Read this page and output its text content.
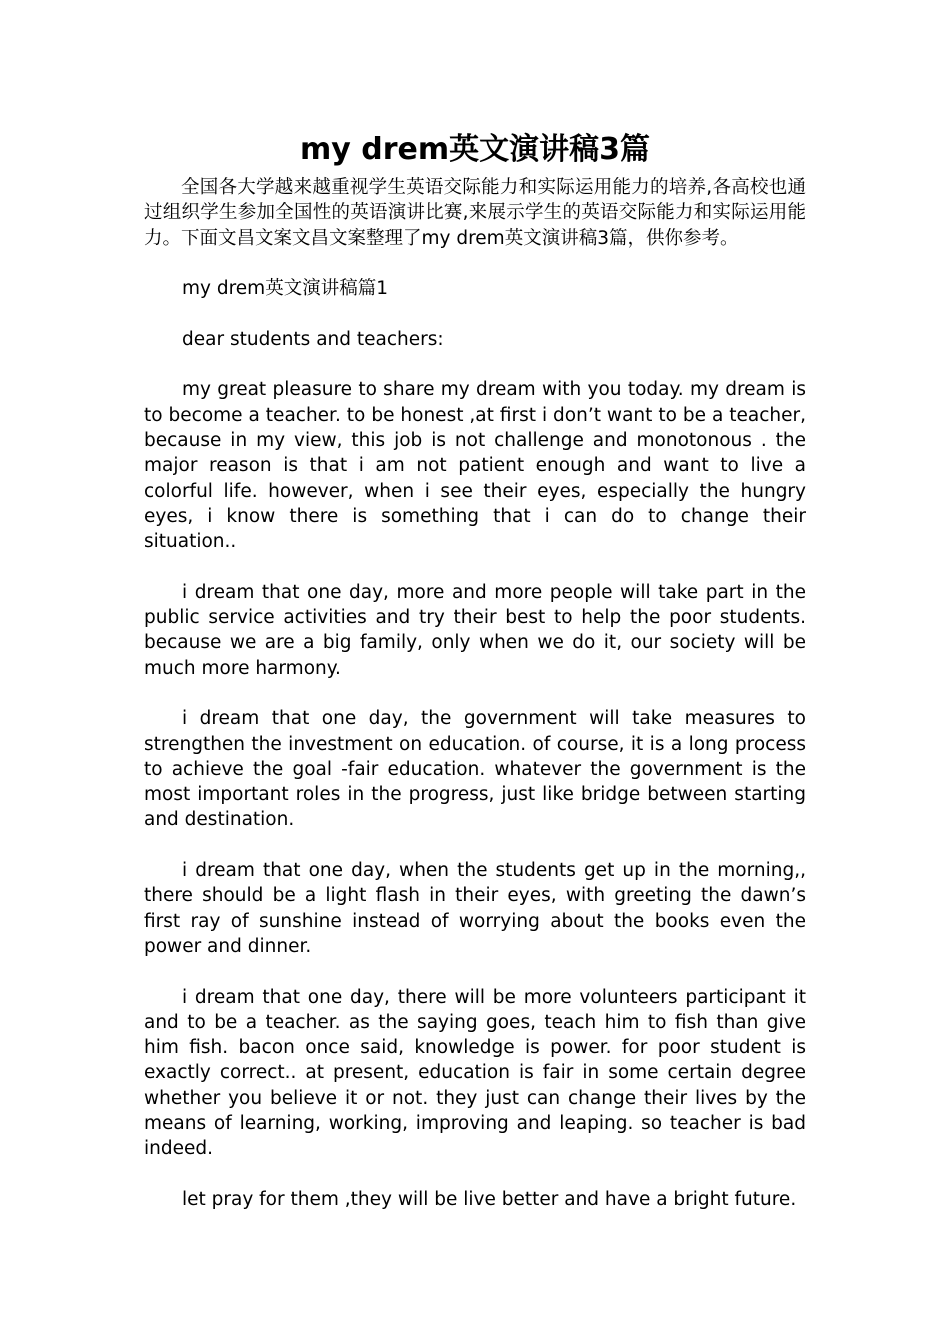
my drem英文演讲稿3篇

全国各大学越来越重视学生英语交际能力和实际运用能力的培养,各高校也通过组织学生参加全国性的英语演讲比赛,来展示学生的英语交际能力和实际运用能力。下面文昌文案文昌文案整理了my drem英文演讲稿3篇，供你参考。

my drem英文演讲稿篇1

dear students and teachers:

my great pleasure to share my dream with you today. my dream is to become a teacher. to be honest ,at first i don’t want to be a teacher, because in my view, this job is not challenge and monotonous . the major reason is that i am not patient enough and want to live a colorful life. however, when i see their eyes, especially the hungry eyes, i know there is something that i can do to change their situation..

i dream that one day, more and more people will take part in the public service activities and try their best to help the poor students. because we are a big family, only when we do it, our society will be much more harmony.

i dream that one day, the government will take measures to strengthen the investment on education. of course, it is a long process to achieve the goal -fair education. whatever the government is the most important roles in the progress, just like bridge between starting and destination.

i dream that one day, when the students get up in the morning,, there should be a light flash in their eyes, with greeting the dawn’s first ray of sunshine instead of worrying about the books even the power and dinner.

i dream that one day, there will be more volunteers participant it and to be a teacher. as the saying goes, teach him to fish than give him fish. bacon once said, knowledge is power. for poor student is exactly correct.. at present, education is fair in some certain degree whether you believe it or not. they just can change their lives by the means of learning, working, improving and leaping. so teacher is bad indeed.

let pray for them ,they will be live better and have a bright future.
